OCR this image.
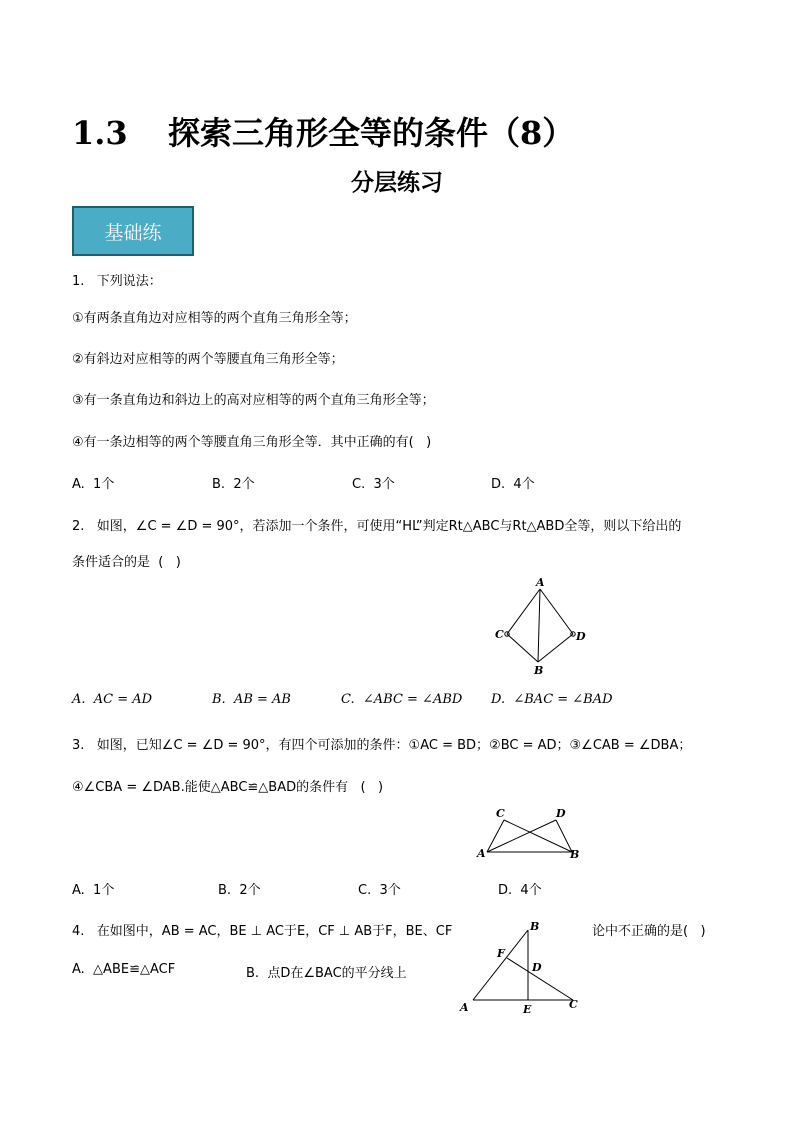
1.3 探索三角形全等的条件（8）
分层练习
基础练
1.   下列说法：
①有两条直角边对应相等的两个直角三角形全等；
②有斜边对应相等的两个等腰直角三角形全等；
③有一条直角边和斜边上的高对应相等的两个直角三角形全等；
④有一条边相等的两个等腰直角三角形全等．其中正确的有(   )
A.  1个	B.  2个	C.  3个	D.  4个
2.   如图，∠C = ∠D = 90°，若添加一个条件，可使用“HL”判定Rt△ABC与Rt△ABD全等，则以下给出的
条件适合的是  (   )
A
B
C	D
A.  AC = AD	B.  AB = AB	C.  ∠ABC = ∠ABD D.  ∠BAC = ∠BAD
3.   如图，已知∠C = ∠D = 90°，有四个可添加的条件：①AC = BD；②BC = AD；③∠CAB = ∠DBA；
④∠CBA = ∠DAB.能使△ABC≌△BAD的条件有   (   )
C	D
A	B
A.  1个	B.  2个	C.  3个	D.  4个
4.   在如图中，AB = AC，BE ⊥ AC于E，CF ⊥ AB于F，BE、CF	论中不正确的是(   )
A.  △ABE≌△ACF	B.  点D在∠BAC的平分线上
B
F
D
A	E	C
